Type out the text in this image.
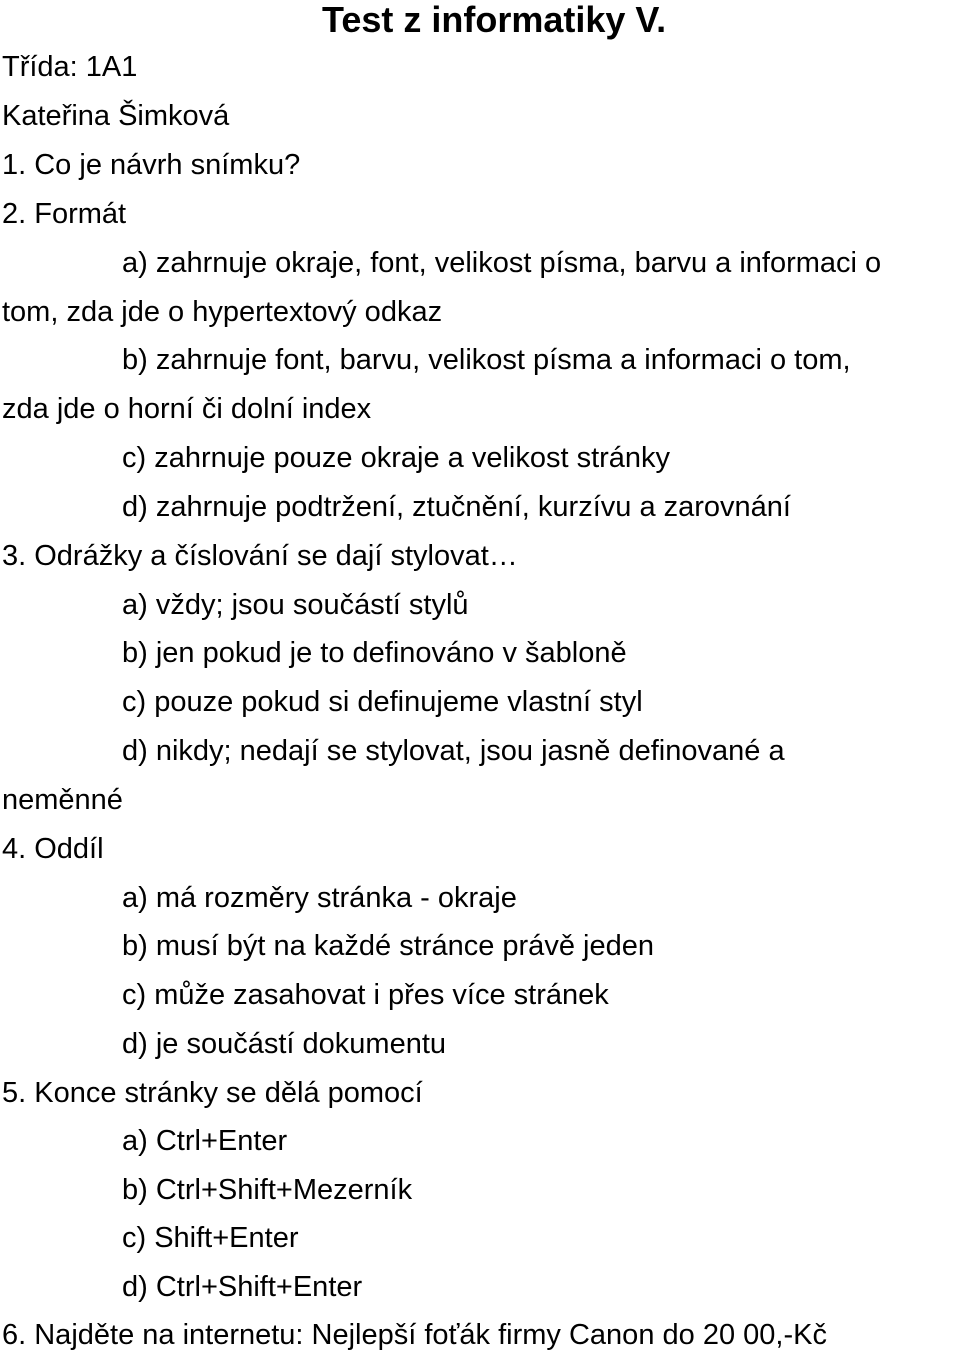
Test z informatiky V.
Třída: 1A1
Kateřina Šimková
1. Co je návrh snímku?
2. Formát
a) zahrnuje okraje, font, velikost písma, barvu a informaci o
tom, zda jde o hypertextový odkaz
b) zahrnuje font, barvu, velikost písma a informaci o tom,
zda jde o horní či dolní index
c) zahrnuje pouze okraje a velikost stránky
d) zahrnuje podtržení, ztučnění, kurzívu a zarovnání
3. Odrážky a číslování se dají stylovat…
a) vždy; jsou součástí stylů
b) jen pokud je to definováno v šabloně
c) pouze pokud si definujeme vlastní styl
d) nikdy; nedají se stylovat, jsou jasně definované a
neměnné
4. Oddíl
a) má rozměry stránka - okraje
b) musí být na každé stránce právě jeden
c) může zasahovat i přes více stránek
d) je součástí dokumentu
5. Konce stránky se dělá pomocí
a) Ctrl+Enter
b) Ctrl+Shift+Mezerník
c) Shift+Enter
d) Ctrl+Shift+Enter
6. Najděte na internetu: Nejlepší foťák firmy Canon do 20 00,-Kč
